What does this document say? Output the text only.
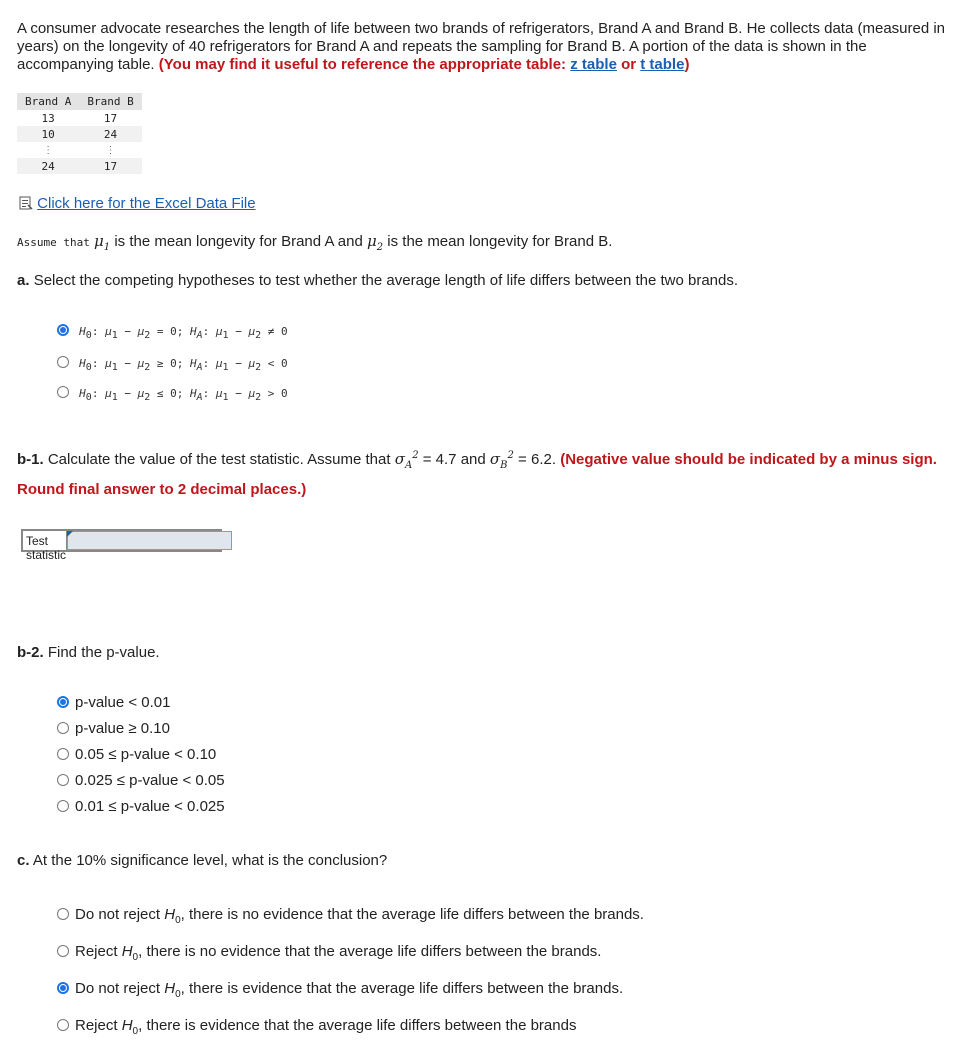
A consumer advocate researches the length of life between two brands of refrigerators, Brand A and Brand B. He collects data (measured in years) on the longevity of 40 refrigerators for Brand A and repeats the sampling for Brand B. A portion of the data is shown in the accompanying table. (You may find it useful to reference the appropriate table: z table or t table)
Brand A	Brand B
13	17
10	24
⋮	⋮
24	17
Click here for the Excel Data File
Assume that $\mu_1$ is the mean longevity for Brand A and $\mu_2$ is the mean longevity for Brand B.
a. Select the competing hypotheses to test whether the average length of life differs between the two brands.
$H_0$: $\mu_1 - \mu_2 = 0$; $H_A$: $\mu_1 - \mu_2 \ne 0$
$H_0$: $\mu_1 - \mu_2 \ge 0$; $H_A$: $\mu_1 - \mu_2 < 0$
$H_0$: $\mu_1 - \mu_2 \le 0$; $H_A$: $\mu_1 - \mu_2 > 0$
b-1. Calculate the value of the test statistic. Assume that $\sigma_A^2 = 4.7$ and $\sigma_B^2 = 6.2$. (Negative value should be indicated by a minus sign.
Round final answer to 2 decimal places.)
Test statistic
b-2. Find the p-value.
p-value < 0.01
p-value ≥ 0.10
0.05 ≤ p-value < 0.10
0.025 ≤ p-value < 0.05
0.01 ≤ p-value < 0.025
c. At the 10% significance level, what is the conclusion?
Do not reject $H_0$, there is no evidence that the average life differs between the brands.
Reject $H_0$, there is no evidence that the average life differs between the brands.
Do not reject $H_0$, there is evidence that the average life differs between the brands.
Reject $H_0$, there is evidence that the average life differs between the brands
